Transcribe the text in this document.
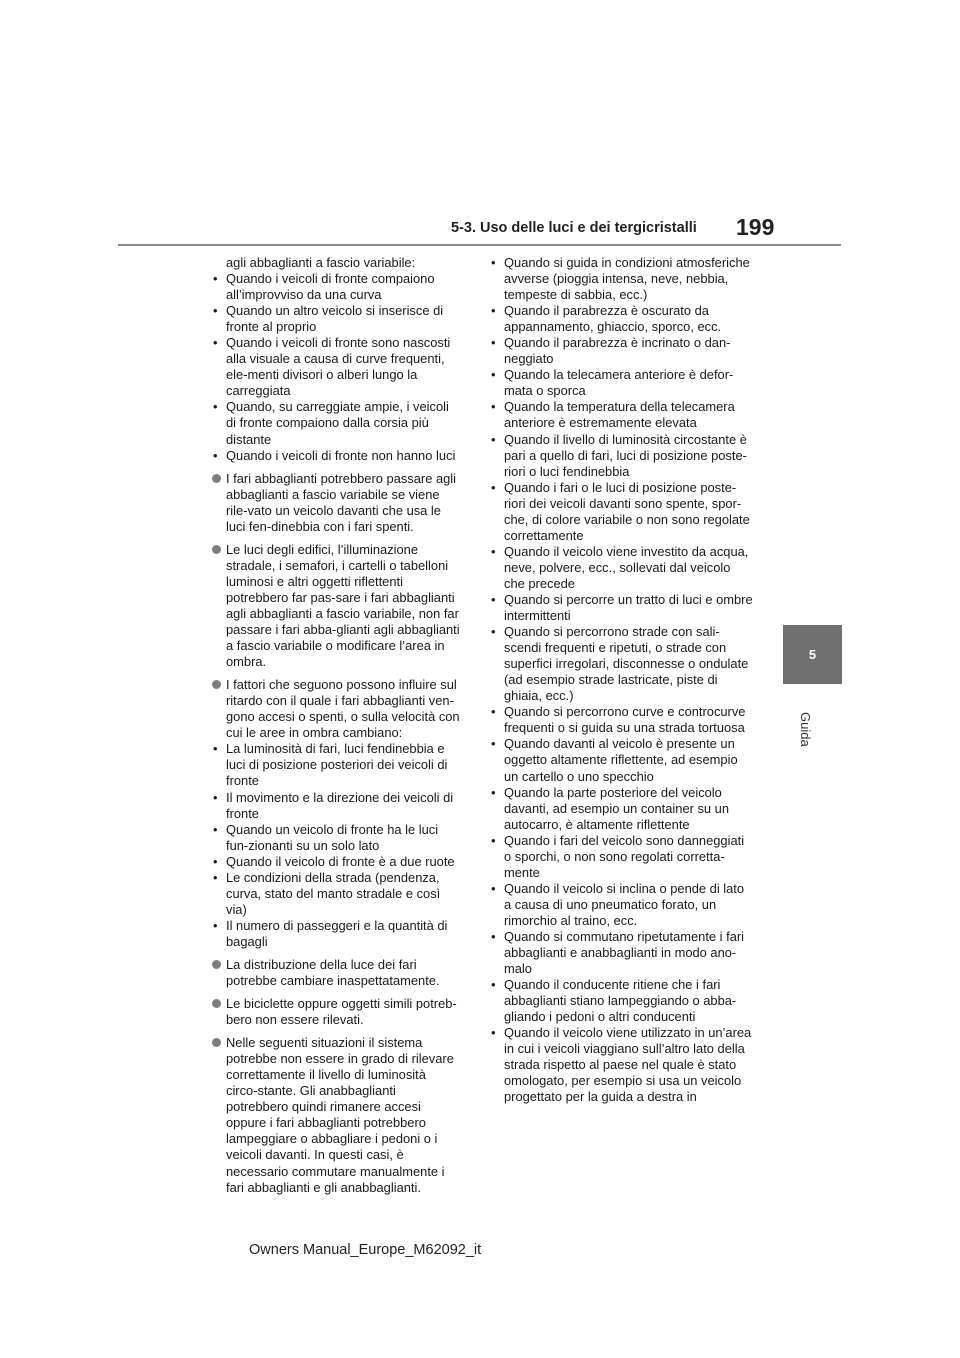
5-3. Uso delle luci e dei tergicristalli 199
5
Guida

agli abbaglianti a fascio variabile:

• Quando i veicoli di fronte compaiono all’improvviso da una curva

• Quando un altro veicolo si inserisce di fronte al proprio

• Quando i veicoli di fronte sono nascosti alla visuale a causa di curve frequenti, ele-menti divisori o alberi lungo la carreggiata

• Quando, su carreggiate ampie, i veicoli di fronte compaiono dalla corsia più distante

• Quando i veicoli di fronte non hanno luci

I fari abbaglianti potrebbero passare agli abbaglianti a fascio variabile se viene rile-vato un veicolo davanti che usa le luci fen-dinebbia con i fari spenti.

Le luci degli edifici, l’illuminazione stradale, i semafori, i cartelli o tabelloni luminosi e altri oggetti riflettenti potrebbero far pas-sare i fari abbaglianti agli abbaglianti a fascio variabile, non far passare i fari abba-glianti agli abbaglianti a fascio variabile o modificare l’area in ombra.

I fattori che seguono possono influire sul ritardo con il quale i fari abbaglianti ven-gono accesi o spenti, o sulla velocità con cui le aree in ombra cambiano:

• La luminosità di fari, luci fendinebbia e luci di posizione posteriori dei veicoli di fronte

• Il movimento e la direzione dei veicoli di fronte

• Quando un veicolo di fronte ha le luci fun-zionanti su un solo lato

• Quando il veicolo di fronte è a due ruote

• Le condizioni della strada (pendenza, curva, stato del manto stradale e così via)

• Il numero di passeggeri e la quantità di bagagli

La distribuzione della luce dei fari potrebbe cambiare inaspettatamente.

Le biciclette oppure oggetti simili potreb-bero non essere rilevati.

Nelle seguenti situazioni il sistema potrebbe non essere in grado di rilevare correttamente il livello di luminosità circo-stante. Gli anabbaglianti potrebbero quindi rimanere accesi oppure i fari abbaglianti potrebbero lampeggiare o abbagliare i pedoni o i veicoli davanti. In questi casi, è necessario commutare manualmente i fari abbaglianti e gli anabbaglianti.

• Quando si guida in condizioni atmosferiche avverse (pioggia intensa, neve, nebbia, tempeste di sabbia, ecc.)

• Quando il parabrezza è oscurato da appannamento, ghiaccio, sporco, ecc.

• Quando il parabrezza è incrinato o dan-neggiato

• Quando la telecamera anteriore è defor-mata o sporca

• Quando la temperatura della telecamera anteriore è estremamente elevata

• Quando il livello di luminosità circostante è pari a quello di fari, luci di posizione poste-riori o luci fendinebbia

• Quando i fari o le luci di posizione poste-riori dei veicoli davanti sono spente, spor-che, di colore variabile o non sono regolate correttamente

• Quando il veicolo viene investito da acqua, neve, polvere, ecc., sollevati dal veicolo che precede

• Quando si percorre un tratto di luci e ombre intermittenti

• Quando si percorrono strade con sali-scendi frequenti e ripetuti, o strade con superfici irregolari, disconnesse o ondulate (ad esempio strade lastricate, piste di ghiaia, ecc.)

• Quando si percorrono curve e controcurve frequenti o si guida su una strada tortuosa

• Quando davanti al veicolo è presente un oggetto altamente riflettente, ad esempio un cartello o uno specchio

• Quando la parte posteriore del veicolo davanti, ad esempio un container su un autocarro, è altamente riflettente

• Quando i fari del veicolo sono danneggiati o sporchi, o non sono regolati corretta-mente

• Quando il veicolo si inclina o pende di lato a causa di uno pneumatico forato, un rimorchio al traino, ecc.

• Quando si commutano ripetutamente i fari abbaglianti e anabbaglianti in modo ano-malo

• Quando il conducente ritiene che i fari abbaglianti stiano lampeggiando o abba-gliando i pedoni o altri conducenti

• Quando il veicolo viene utilizzato in un’area in cui i veicoli viaggiano sull’altro lato della strada rispetto al paese nel quale è stato omologato, per esempio si usa un veicolo progettato per la guida a destra in

Owners Manual_Europe_M62092_it
